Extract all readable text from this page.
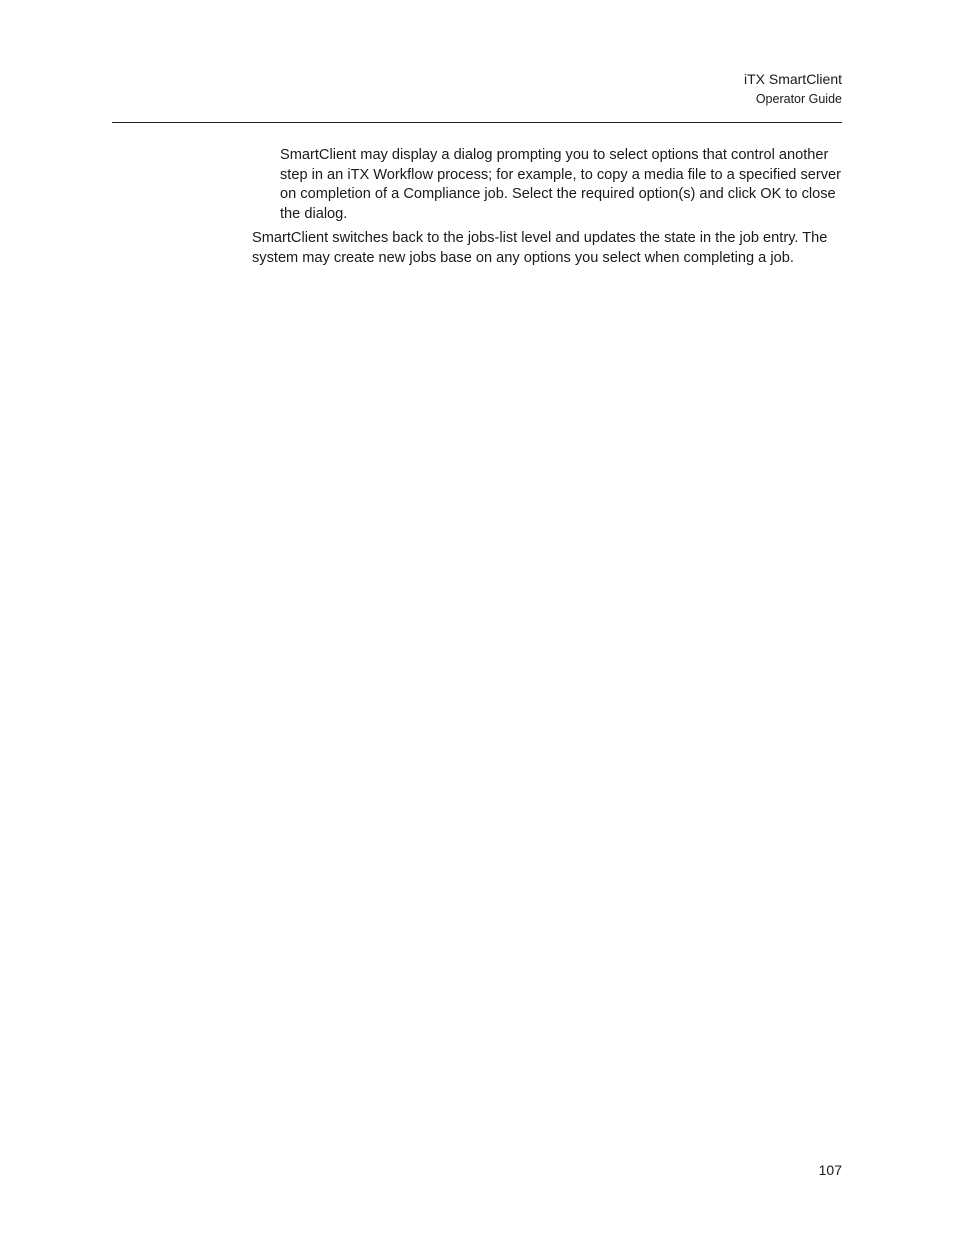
iTX SmartClient
Operator Guide

SmartClient may display a dialog prompting you to select options that control another step in an iTX Workflow process; for example, to copy a media file to a specified server on completion of a Compliance job. Select the required option(s) and click OK to close the dialog.

SmartClient switches back to the jobs-list level and updates the state in the job entry. The system may create new jobs base on any options you select when completing a job.

107
